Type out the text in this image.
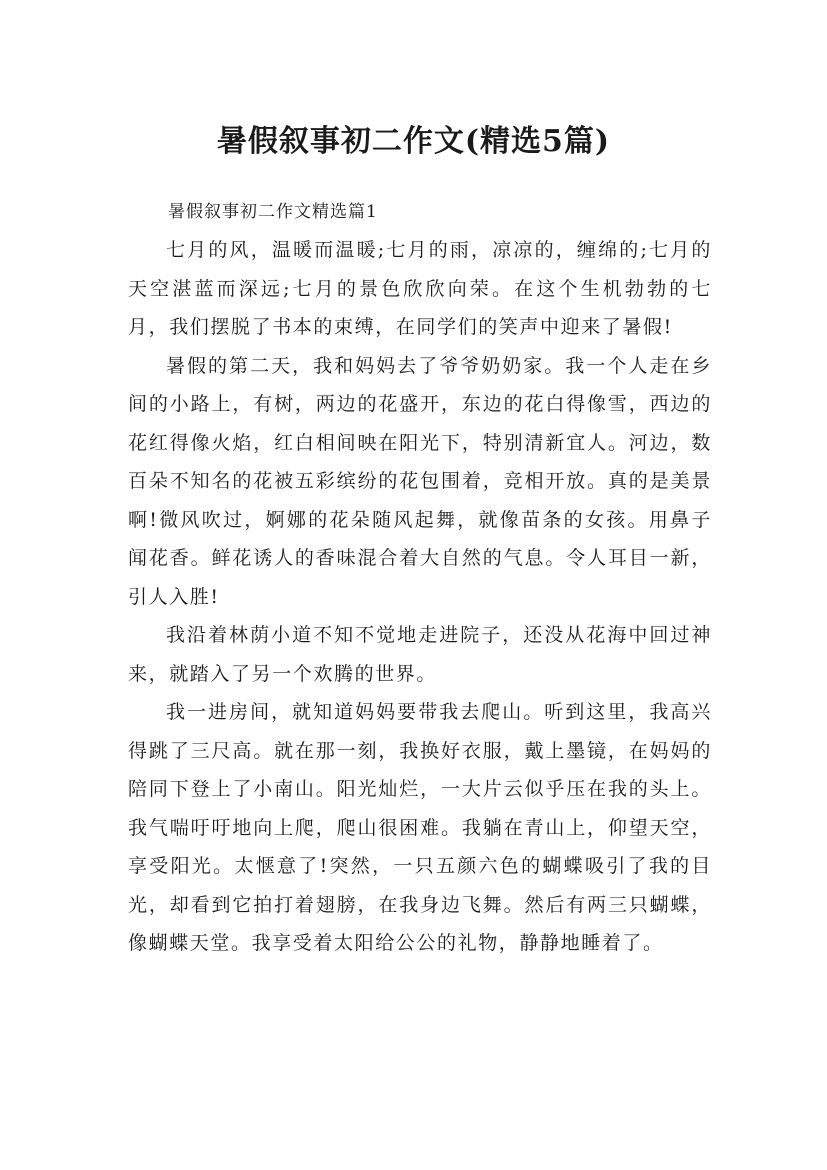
暑假叙事初二作文(精选5篇)

暑假叙事初二作文精选篇1

七月的风，温暖而温暖;七月的雨，凉凉的，缠绵的;七月的天空湛蓝而深远;七月的景色欣欣向荣。在这个生机勃勃的七月，我们摆脱了书本的束缚，在同学们的笑声中迎来了暑假!

暑假的第二天，我和妈妈去了爷爷奶奶家。我一个人走在乡间的小路上，有树，两边的花盛开，东边的花白得像雪，西边的花红得像火焰，红白相间映在阳光下，特别清新宜人。河边，数百朵不知名的花被五彩缤纷的花包围着，竞相开放。真的是美景啊!微风吹过，婀娜的花朵随风起舞，就像苗条的女孩。用鼻子闻花香。鲜花诱人的香味混合着大自然的气息。令人耳目一新，引人入胜!

我沿着林荫小道不知不觉地走进院子，还没从花海中回过神来，就踏入了另一个欢腾的世界。

我一进房间，就知道妈妈要带我去爬山。听到这里，我高兴得跳了三尺高。就在那一刻，我换好衣服，戴上墨镜，在妈妈的陪同下登上了小南山。阳光灿烂，一大片云似乎压在我的头上。我气喘吁吁地向上爬，爬山很困难。我躺在青山上，仰望天空，享受阳光。太惬意了!突然，一只五颜六色的蝴蝶吸引了我的目光，却看到它拍打着翅膀，在我身边飞舞。然后有两三只蝴蝶，像蝴蝶天堂。我享受着太阳给公公的礼物，静静地睡着了。
